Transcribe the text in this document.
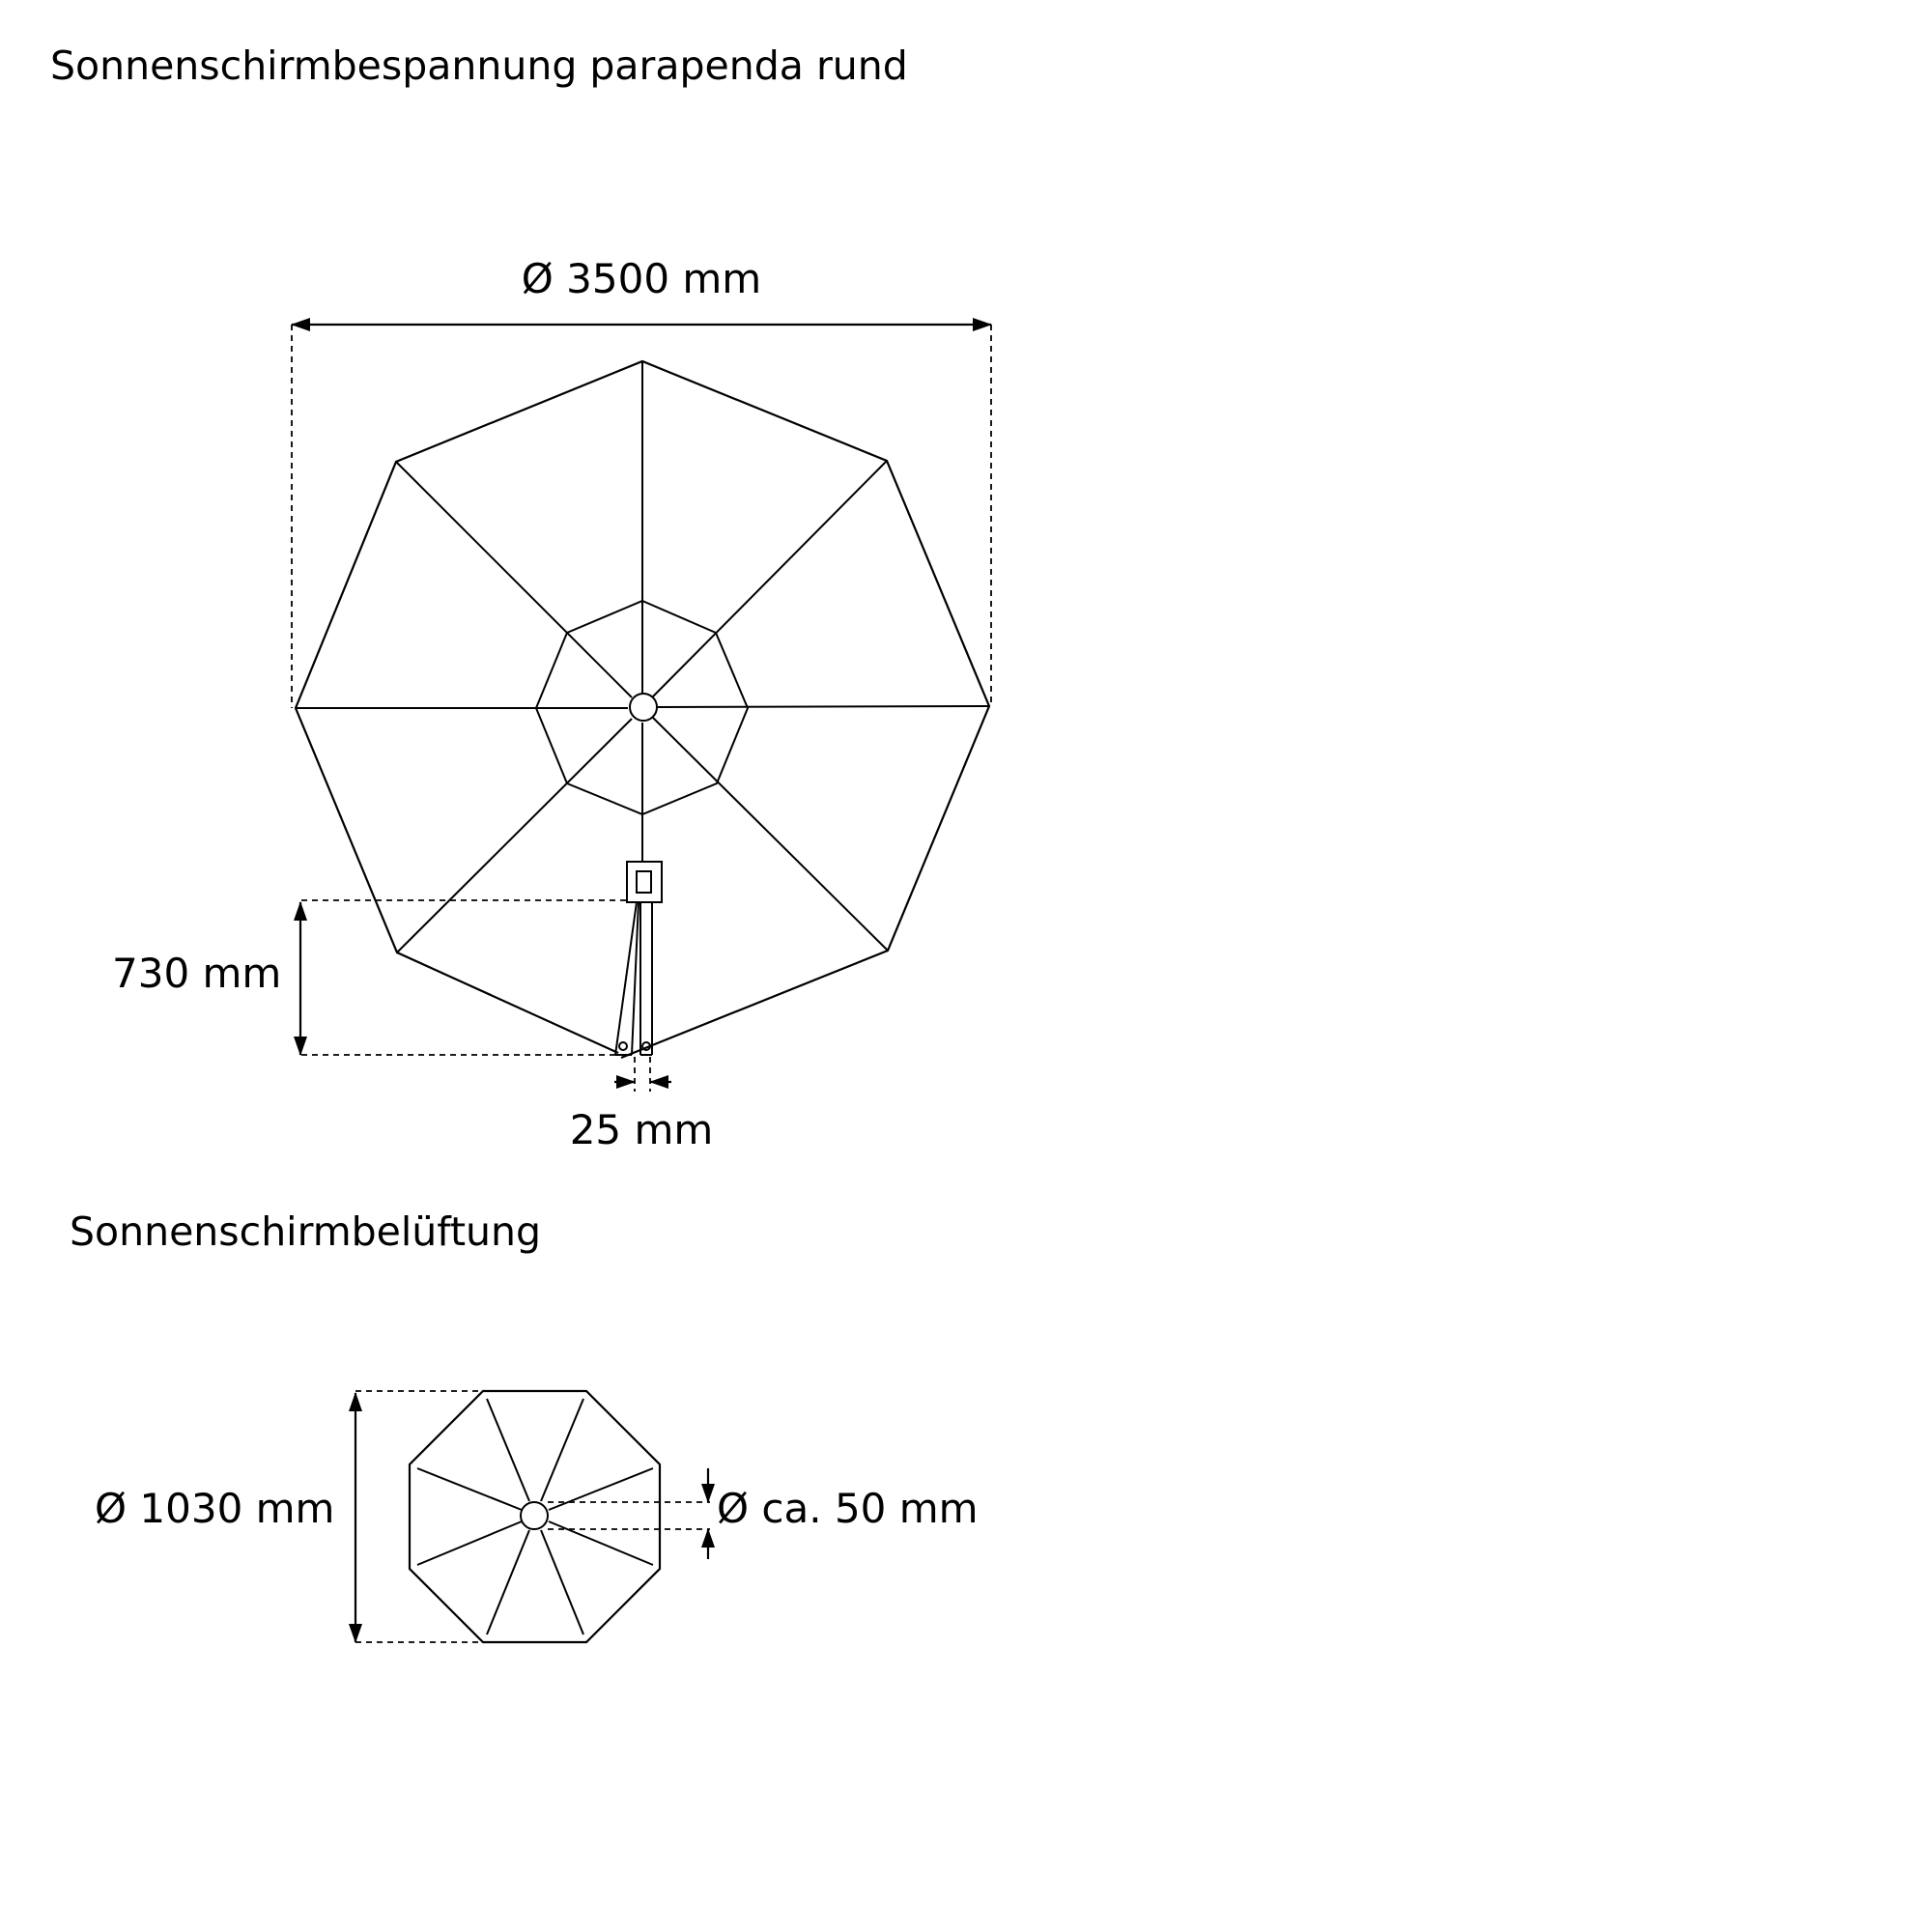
Sonnenschirmbespannung parapenda rund
Ø 3500 mm
730 mm
25 mm
Sonnenschirmbelüftung
Ø 1030 mm	Ø ca. 50 mm
